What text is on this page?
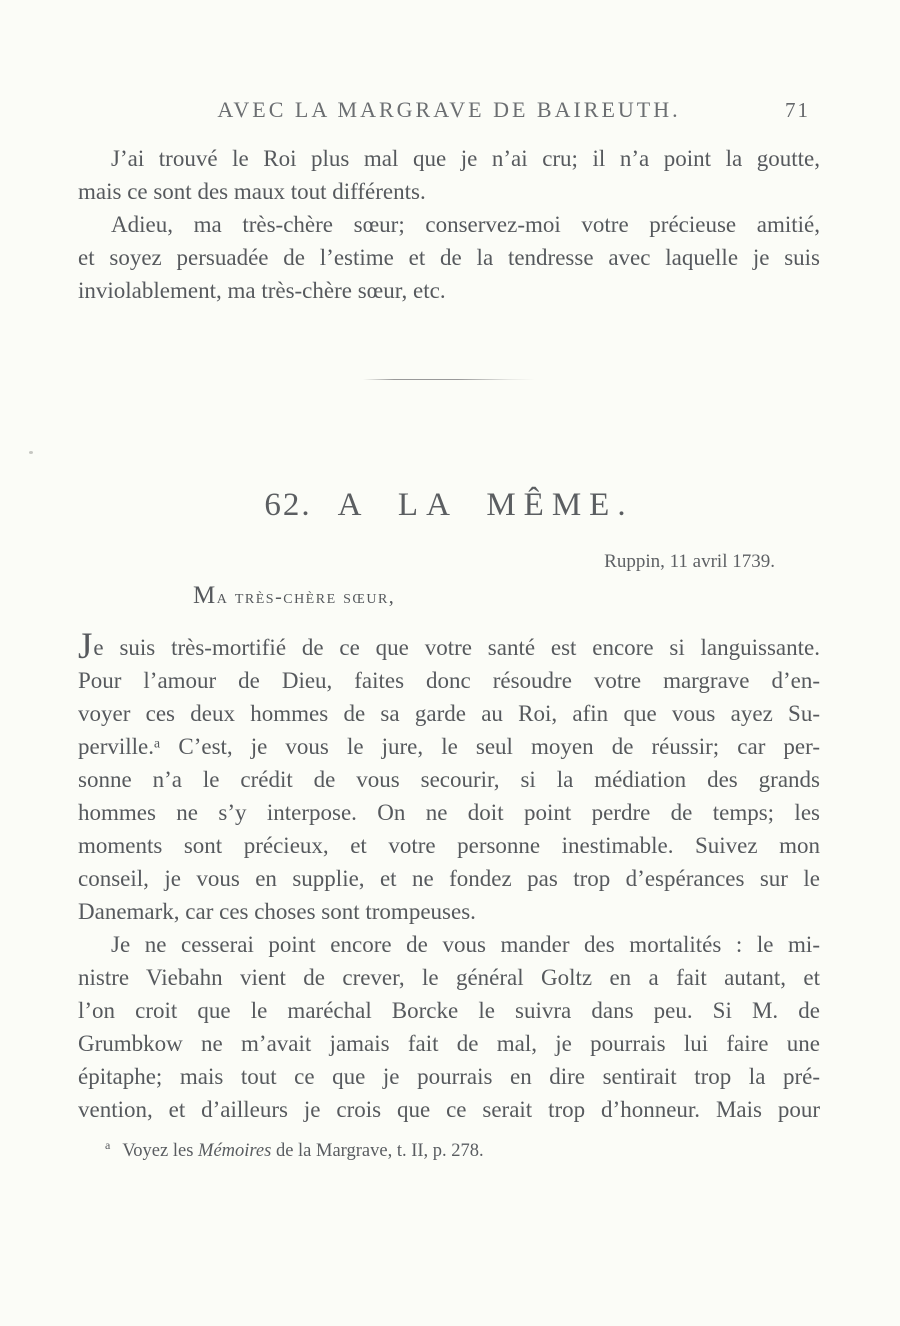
AVEC LA MARGRAVE DE BAIREUTH.	71
J’ai trouvé le Roi plus mal que je n’ai cru; il n’a point la goutte,
mais ce sont des maux tout différents.
Adieu, ma très-chère sœur; conservez-moi votre précieuse amitié,
et soyez persuadée de l’estime et de la tendresse avec laquelle je suis
inviolablement, ma très-chère sœur, etc.
62. A LA MÊME.
Ruppin, 11 avril 1739.
Ma très-chère sœur,
Je suis très-mortifié de ce que votre santé est encore si languissante.
Pour l’amour de Dieu, faites donc résoudre votre margrave d’en-
voyer ces deux hommes de sa garde au Roi, afin que vous ayez Su-
perville.ᵃ C’est, je vous le jure, le seul moyen de réussir; car per-
sonne n’a le crédit de vous secourir, si la médiation des grands
hommes ne s’y interpose. On ne doit point perdre de temps; les
moments sont précieux, et votre personne inestimable. Suivez mon
conseil, je vous en supplie, et ne fondez pas trop d’espérances sur le
Danemark, car ces choses sont trompeuses.
Je ne cesserai point encore de vous mander des mortalités : le mi-
nistre Viebahn vient de crever, le général Goltz en a fait autant, et
l’on croit que le maréchal Borcke le suivra dans peu. Si M. de
Grumbkow ne m’avait jamais fait de mal, je pourrais lui faire une
épitaphe; mais tout ce que je pourrais en dire sentirait trop la pré-
vention, et d’ailleurs je crois que ce serait trop d’honneur. Mais pour
$^a$ Voyez les Mémoires de la Margrave, t. II, p. 278.
